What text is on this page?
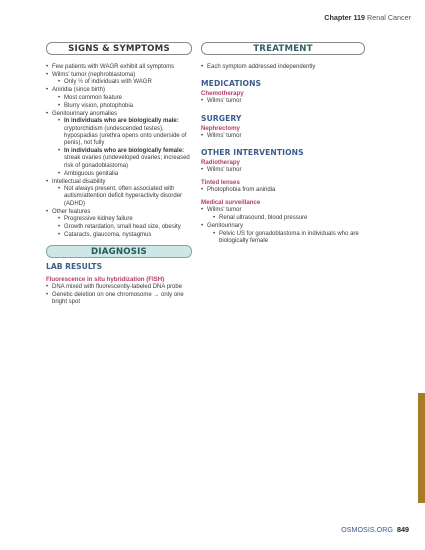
Chapter 119 Renal Cancer
SIGNS & SYMPTOMS
• Few patients with WAGR exhibit all symptoms
• Wilms' tumor (nephroblastoma)
• Only ½ of individuals with WAGR
• Aniridia (since birth)
• Most common feature
• Blurry vision, photophobia
• Genitourinary anomalies
• In individuals who are biologically male: cryptorchidism (undescended testes), hypospadias (urethra opens onto underside of penis), not fully
• In individuals who are biologically female: streak ovaries (undeveloped ovaries; increased risk of gonadoblastoma)
• Ambiguous genitalia
• Intellectual disability
• Not always present, often associated with autism/attention deficit hyperactivity disorder (ADHD)
• Other features
• Progressive kidney failure
• Growth retardation, small head size, obesity
• Cataracts, glaucoma, nystagmus
DIAGNOSIS
LAB RESULTS
Fluorescence in situ hybridization (FISH)
• DNA mixed with fluorescently-labeled DNA probe
• Genetic deletion on one chromosome → only one bright spot
TREATMENT
• Each symptom addressed independently
MEDICATIONS
Chemotherapy
• Wilms' tumor
SURGERY
Nephrectomy
• Wilms' tumor
OTHER INTERVENTIONS
Radiotherapy
• Wilms' tumor
Tinted lenses
• Photophobia from aniridia
Medical surveillance
• Wilms' tumor
• Renal ultrasound, blood pressure
• Genitourinary
• Pelvic US for gonadoblastoma in individuals who are biologically female
OSMOSIS.ORG 849
